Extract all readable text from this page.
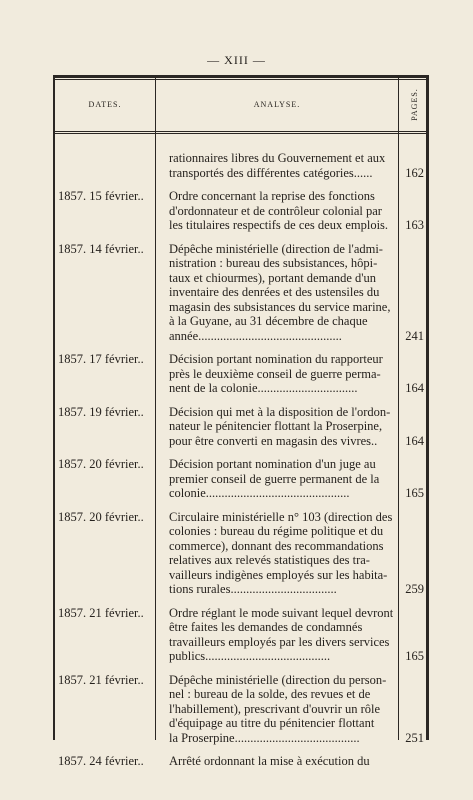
— XIII —
DATES.	ANALYSE.	PAGES.
rationnaires libres du Gouvernement et aux
transportés des différentes catégories......	162
1857. 15 février..	Ordre concernant la reprise des fonctions
d'ordonnateur et de contrôleur colonial par
les titulaires respectifs de ces deux emplois.	163
1857. 14 février..	Dépêche ministérielle (direction de l'admi-
nistration : bureau des subsistances, hôpi-
taux et chiourmes), portant demande d'un
inventaire des denrées et des ustensiles du
magasin des subsistances du service marine,
à la Guyane, au 31 décembre de chaque
année..............................................	241
1857. 17 février..	Décision portant nomination du rapporteur
près le deuxième conseil de guerre perma-
nent de la colonie................................	164
1857. 19 février..	Décision qui met à la disposition de l'ordon-
nateur le pénitencier flottant la Proserpine,
pour être converti en magasin des vivres..	164
1857. 20 février..	Décision portant nomination d'un juge au
premier conseil de guerre permanent de la
colonie..............................................	165
1857. 20 février..	Circulaire ministérielle n° 103 (direction des
colonies : bureau du régime politique et du
commerce), donnant des recommandations
relatives aux relevés statistiques des tra-
vailleurs indigènes employés sur les habita-
tions rurales..................................	259
1857. 21 février..	Ordre réglant le mode suivant lequel devront
être faites les demandes de condamnés
travailleurs employés par les divers services
publics........................................	165
1857. 21 février..	Dépêche ministérielle (direction du person-
nel : bureau de la solde, des revues et de
l'habillement), prescrivant d'ouvrir un rôle
d'équipage au titre du pénitencier flottant
la Proserpine........................................	251
1857. 24 février..	Arrêté ordonnant la mise à exécution du
